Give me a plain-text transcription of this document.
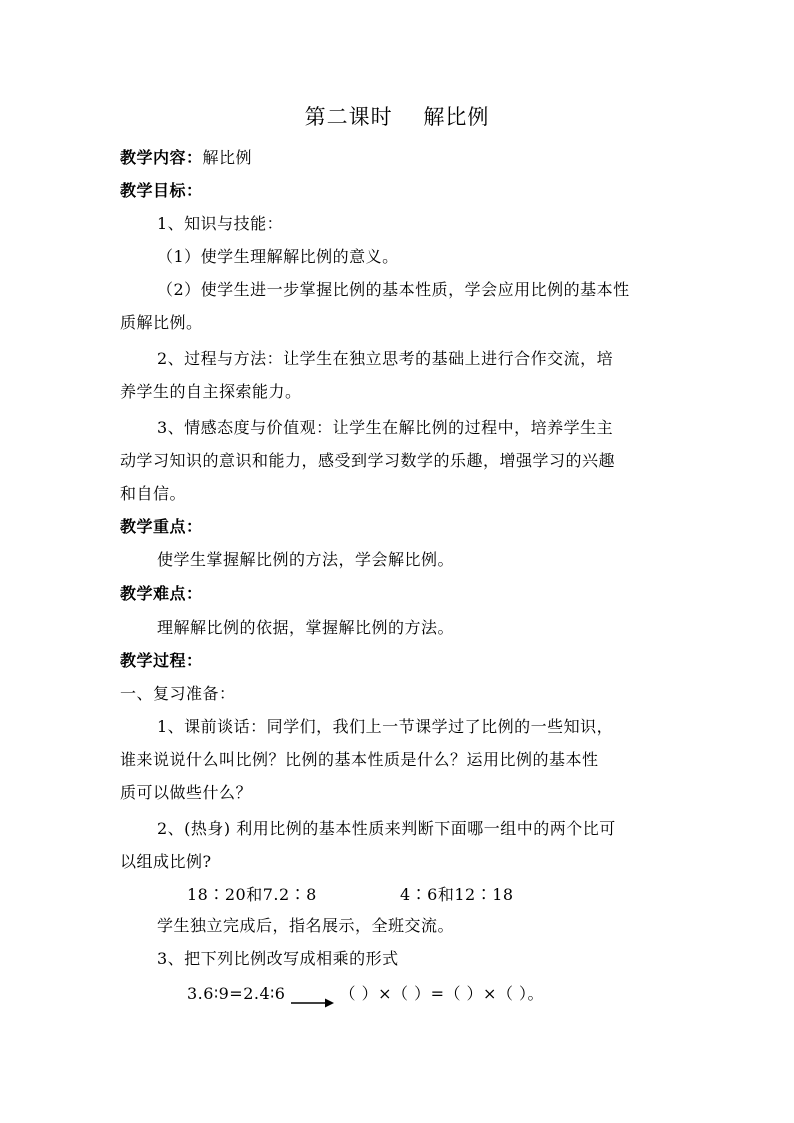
第二课时    解比例
教学内容：解比例
教学目标：
1、知识与技能：
（1）使学生理解解比例的意义。
（2）使学生进一步掌握比例的基本性质，学会应用比例的基本性
质解比例。
2、过程与方法：让学生在独立思考的基础上进行合作交流，培
养学生的自主探索能力。
3、情感态度与价值观：让学生在解比例的过程中，培养学生主
动学习知识的意识和能力，感受到学习数学的乐趣，增强学习的兴趣
和自信。
教学重点：
使学生掌握解比例的方法，学会解比例。
教学难点：
理解解比例的依据，掌握解比例的方法。
教学过程：
一、复习准备：
1、课前谈话：同学们，我们上一节课学过了比例的一些知识，
谁来说说什么叫比例？比例的基本性质是什么？运用比例的基本性
质可以做些什么？
2、(热身) 利用比例的基本性质来判断下面哪一组中的两个比可
以组成比例?
18∶20和7.2∶8	4∶6和12∶18
学生独立完成后，指名展示，全班交流。
3、把下列比例改写成相乘的形式
3.6∶9=2.4∶6	（ ）×（ ）=（ ）×（ ）。
